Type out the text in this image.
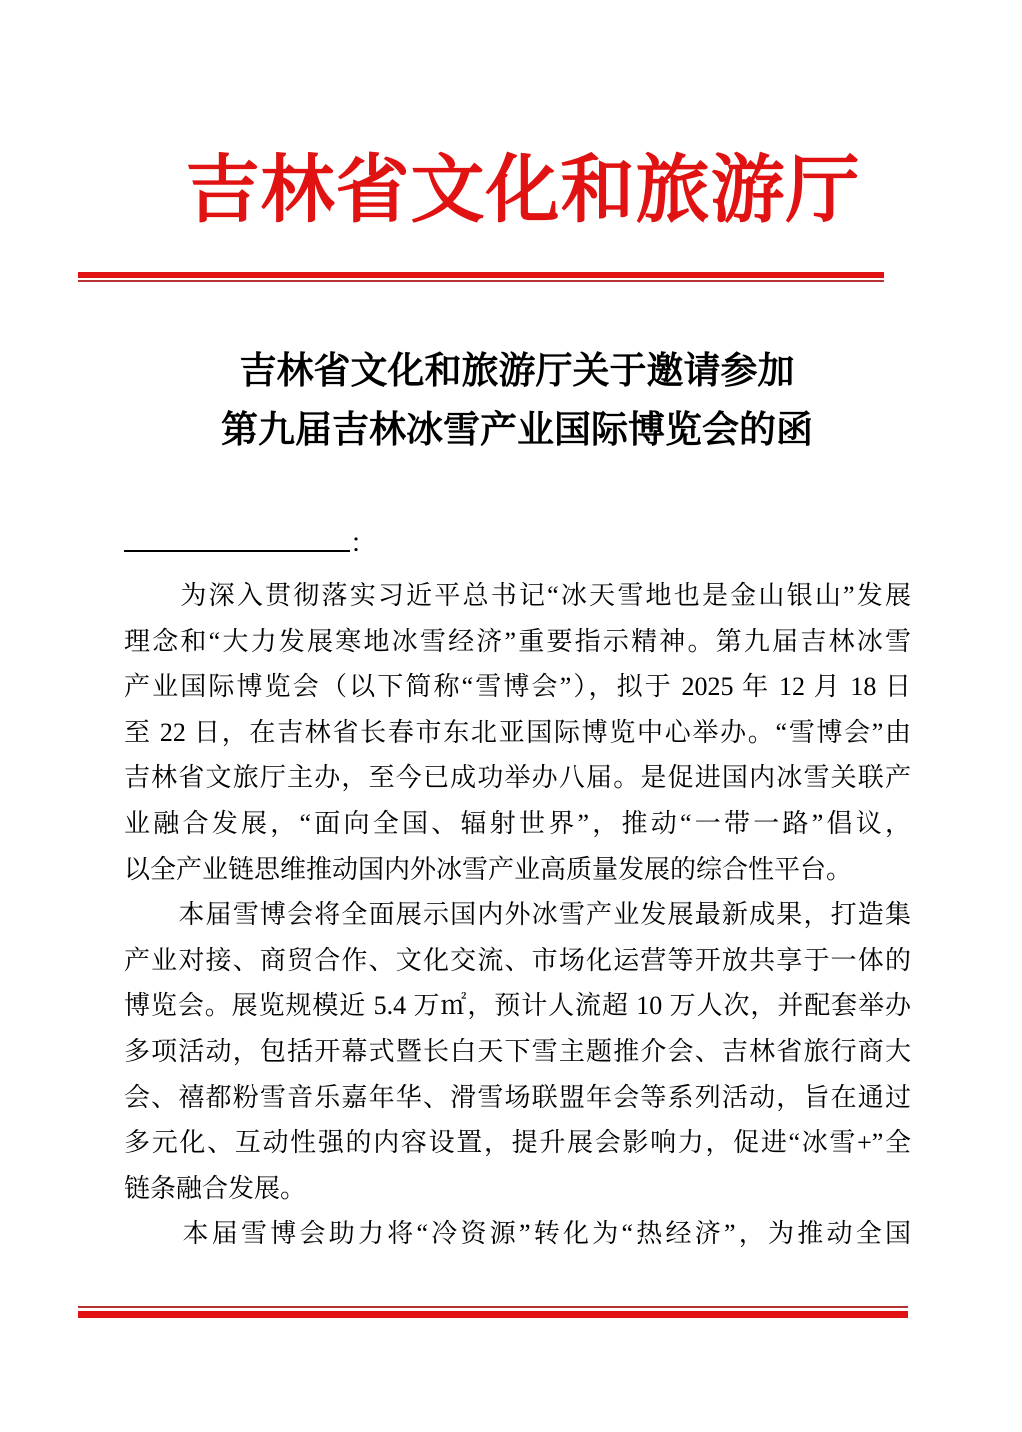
吉林省文化和旅游厅
吉林省文化和旅游厅关于邀请参加
第九届吉林冰雪产业国际博览会的函
：
　　为深入贯彻落实习近平总书记“冰天雪地也是金山银山”发展
理念和“大力发展寒地冰雪经济”重要指示精神。第九届吉林冰雪
产业国际博览会（以下简称“雪博会”），拟于 2025 年 12 月 18 日
至 22 日，在吉林省长春市东北亚国际博览中心举办。“雪博会”由
吉林省文旅厅主办，至今已成功举办八届。是促进国内冰雪关联产
业融合发展，“面向全国、辐射世界”，推动“一带一路”倡议，
以全产业链思维推动国内外冰雪产业高质量发展的综合性平台。
　　本届雪博会将全面展示国内外冰雪产业发展最新成果，打造集
产业对接、商贸合作、文化交流、市场化运营等开放共享于一体的
博览会。展览规模近 5.4 万㎡，预计人流超 10 万人次，并配套举办
多项活动，包括开幕式暨长白天下雪主题推介会、吉林省旅行商大
会、禧都粉雪音乐嘉年华、滑雪场联盟年会等系列活动，旨在通过
多元化、互动性强的内容设置，提升展会影响力，促进“冰雪+”全
链条融合发展。
　　本届雪博会助力将“冷资源”转化为“热经济”，为推动全国
